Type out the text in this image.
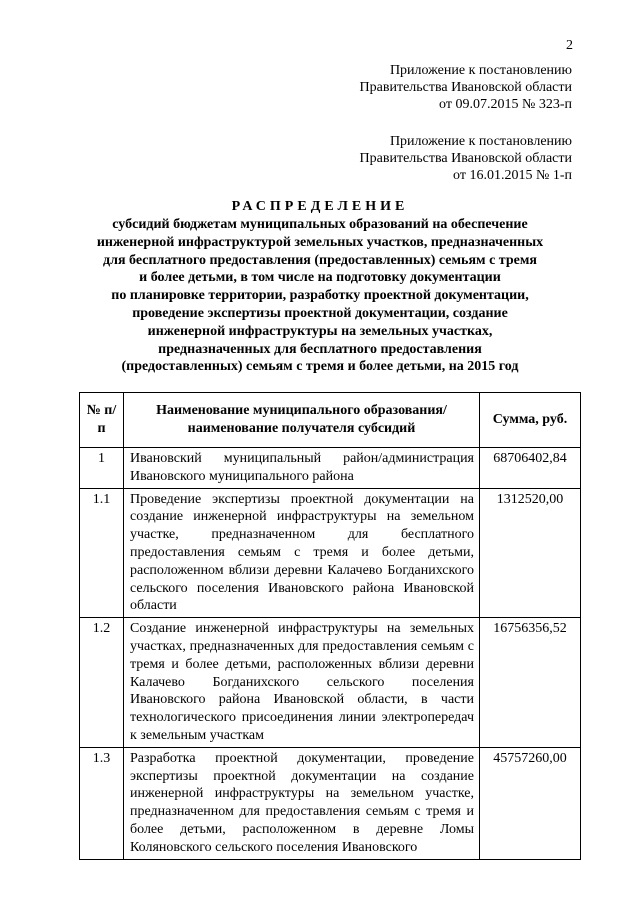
2
Приложение к постановлению
Правительства Ивановской области
от 09.07.2015 № 323-п
Приложение к постановлению
Правительства Ивановской области
от 16.01.2015 № 1-п
РАСПРЕДЕЛЕНИЕ
субсидий бюджетам муниципальных образований на обеспечение
инженерной инфраструктурой земельных участков, предназначенных
для бесплатного предоставления (предоставленных) семьям с тремя
и более детьми, в том числе на подготовку документации
по планировке территории, разработку проектной документации,
проведение экспертизы проектной документации, создание
инженерной инфраструктуры на земельных участках,
предназначенных для бесплатного предоставления
(предоставленных) семьям с тремя и более детьми, на 2015 год
№ п/п	Наименование муниципального образования/ наименование получателя субсидий	Сумма, руб.
1	Ивановский муниципальный район/администрация Ивановского муниципального района	68706402,84
1.1	Проведение экспертизы проектной документации на создание инженерной инфраструктуры на земельном участке, предназначенном для бесплатного предоставления семьям с тремя и более детьми, расположенном вблизи деревни Калачево Богданихского сельского поселения Ивановского района Ивановской области	1312520,00
1.2	Создание инженерной инфраструктуры на земельных участках, предназначенных для предоставления семьям с тремя и более детьми, расположенных вблизи деревни Калачево Богданихского сельского поселения Ивановского района Ивановской области, в части технологического присоединения линии электропередач к земельным участкам	16756356,52
1.3	Разработка проектной документации, проведение экспертизы проектной документации на создание инженерной инфраструктуры на земельном участке, предназначенном для предоставления семьям с тремя и более детьми, расположенном в деревне Ломы Коляновского сельского поселения Ивановского	45757260,00
